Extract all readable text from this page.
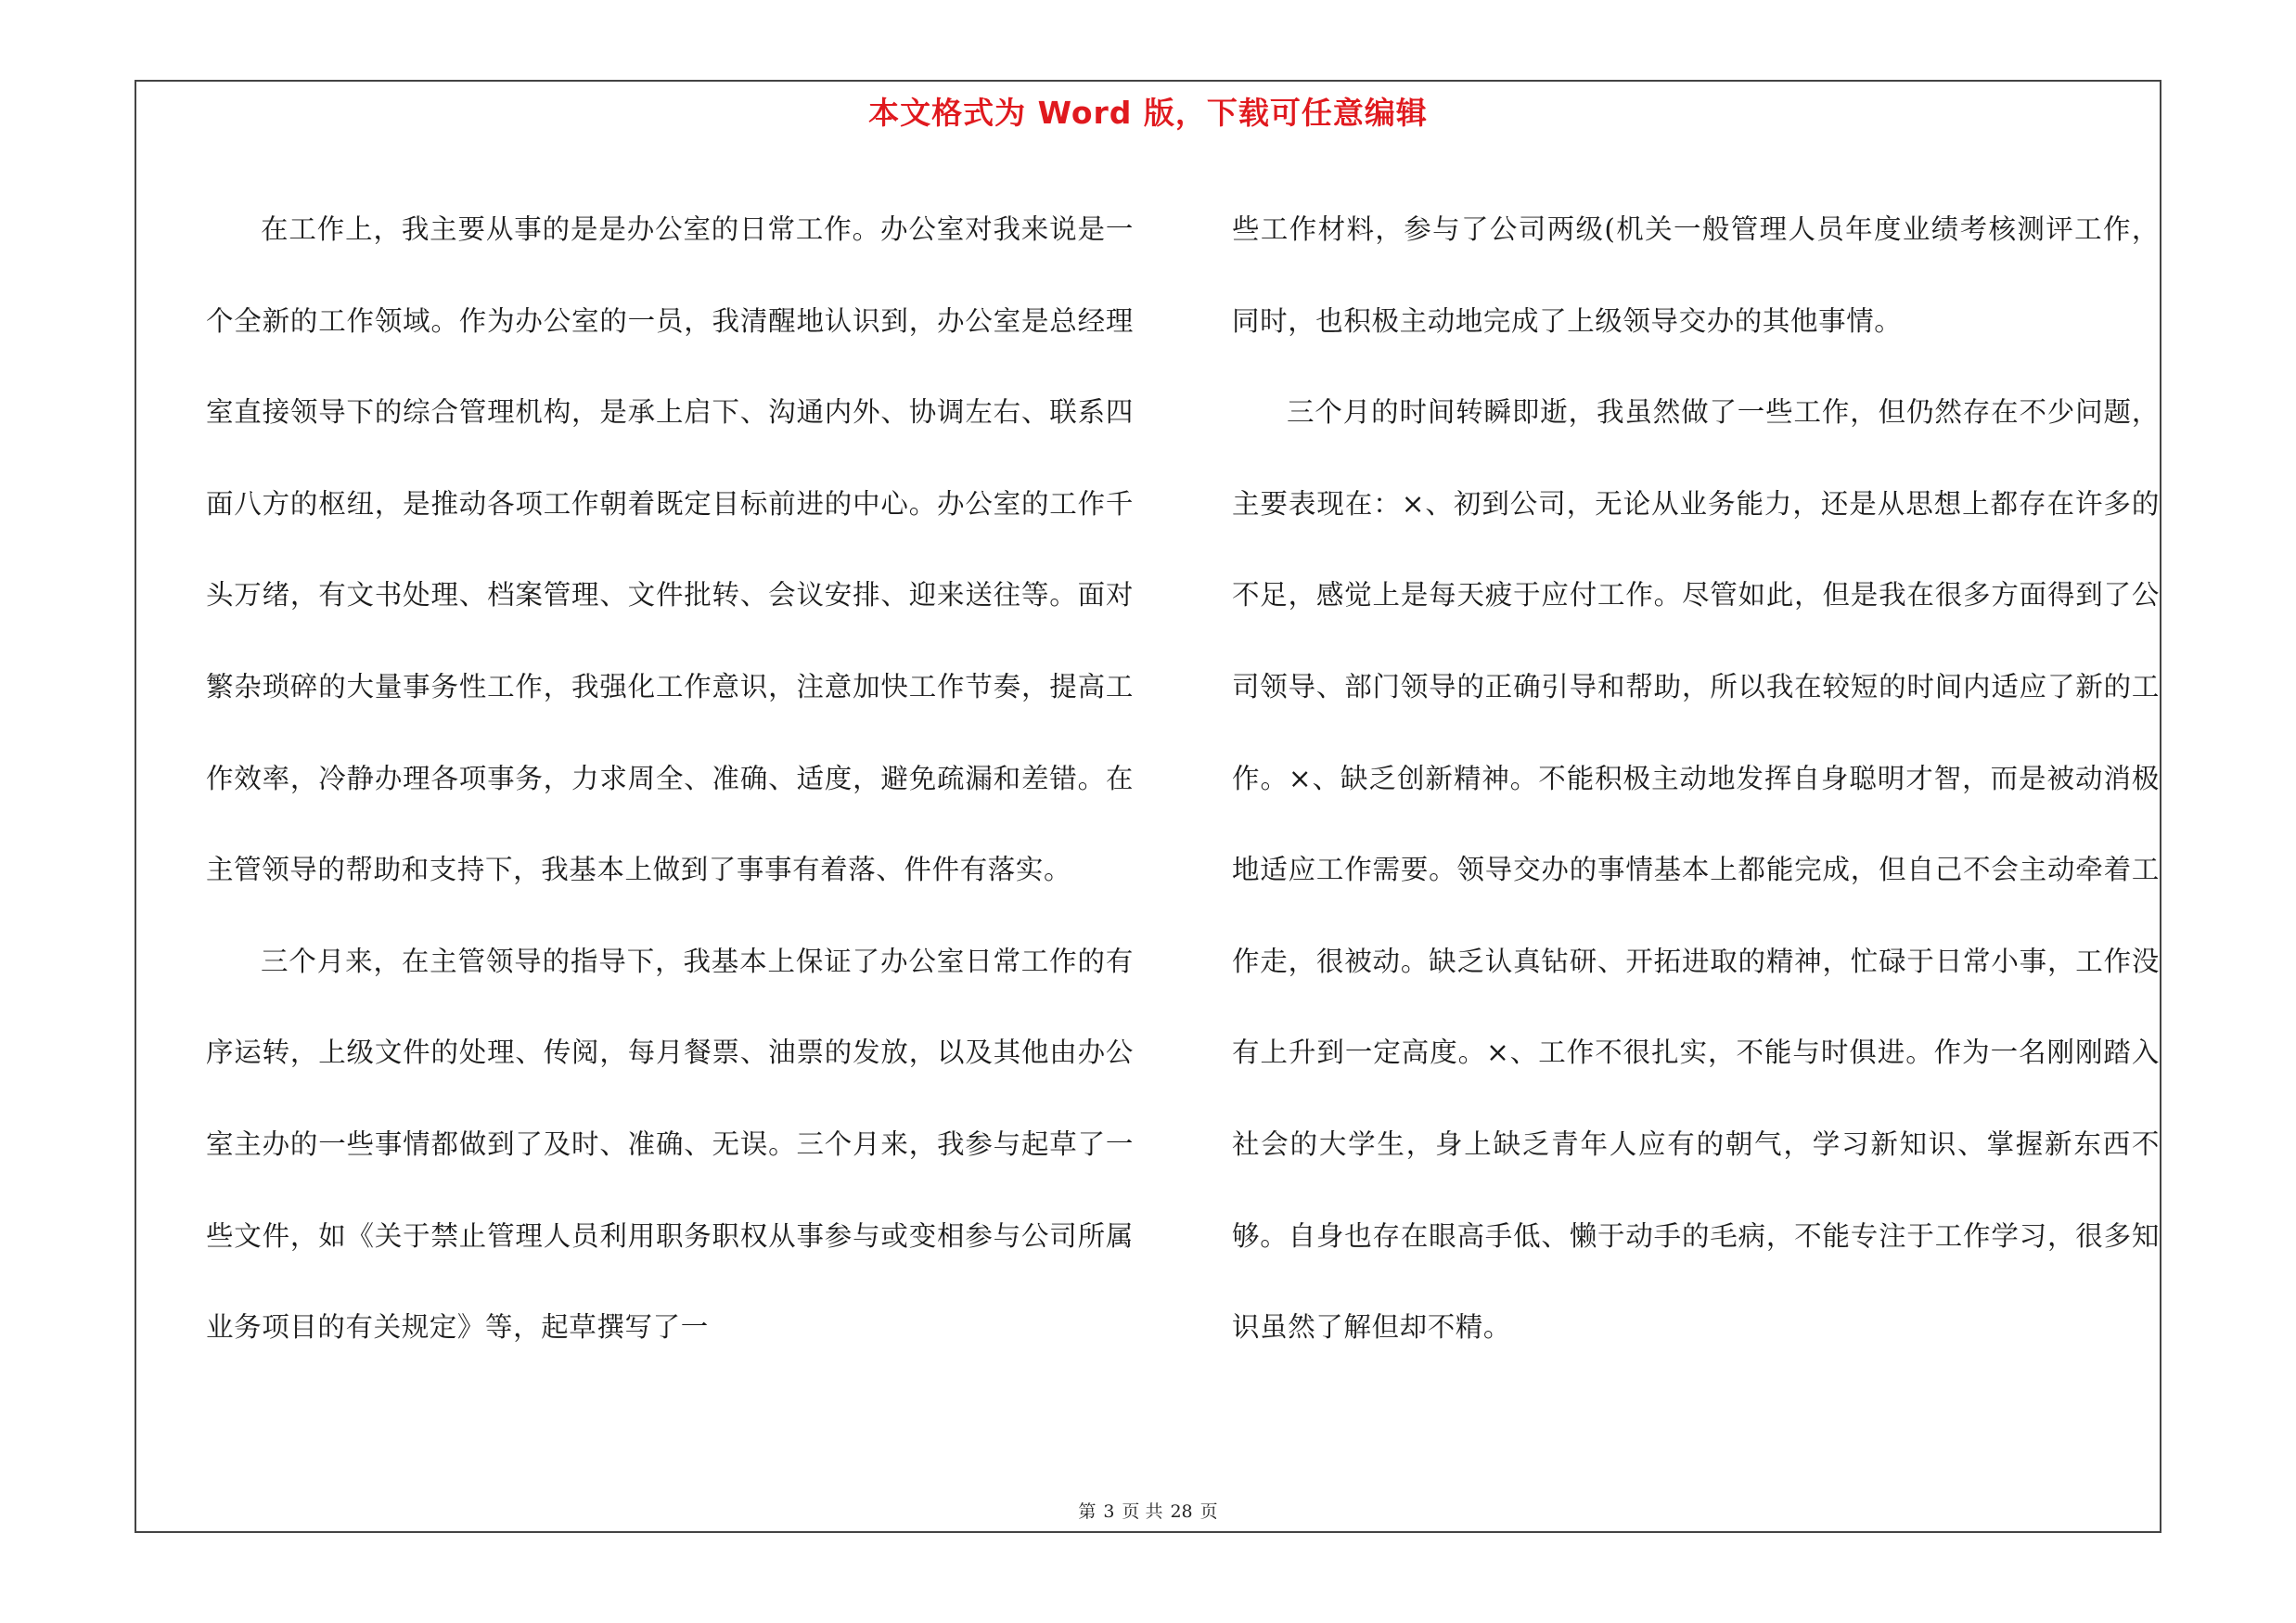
本文格式为 Word 版，下载可任意编辑

在工作上，我主要从事的是是办公室的日常工作。办公室对我来说是一个全新的工作领域。作为办公室的一员，我清醒地认识到，办公室是总经理室直接领导下的综合管理机构，是承上启下、沟通内外、协调左右、联系四面八方的枢纽，是推动各项工作朝着既定目标前进的中心。办公室的工作千头万绪，有文书处理、档案管理、文件批转、会议安排、迎来送往等。面对繁杂琐碎的大量事务性工作，我强化工作意识，注意加快工作节奏，提高工作效率，冷静办理各项事务，力求周全、准确、适度，避免疏漏和差错。在主管领导的帮助和支持下，我基本上做到了事事有着落、件件有落实。

三个月来，在主管领导的指导下，我基本上保证了办公室日常工作的有序运转，上级文件的处理、传阅，每月餐票、油票的发放，以及其他由办公室主办的一些事情都做到了及时、准确、无误。三个月来，我参与起草了一些文件，如《关于禁止管理人员利用职务职权从事参与或变相参与公司所属业务项目的有关规定》等，起草撰写了一

些工作材料，参与了公司两级(机关一般管理人员年度业绩考核测评工作，同时，也积极主动地完成了上级领导交办的其他事情。

三个月的时间转瞬即逝，我虽然做了一些工作，但仍然存在不少问题，主要表现在：×、初到公司，无论从业务能力，还是从思想上都存在许多的不足，感觉上是每天疲于应付工作。尽管如此，但是我在很多方面得到了公司领导、部门领导的正确引导和帮助，所以我在较短的时间内适应了新的工作。×、缺乏创新精神。不能积极主动地发挥自身聪明才智，而是被动消极地适应工作需要。领导交办的事情基本上都能完成，但自己不会主动牵着工作走，很被动。缺乏认真钻研、开拓进取的精神，忙碌于日常小事，工作没有上升到一定高度。×、工作不很扎实，不能与时俱进。作为一名刚刚踏入社会的大学生，身上缺乏青年人应有的朝气，学习新知识、掌握新东西不够。自身也存在眼高手低、懒于动手的毛病，不能专注于工作学习，很多知识虽然了解但却不精。

第 3 页 共 28 页
